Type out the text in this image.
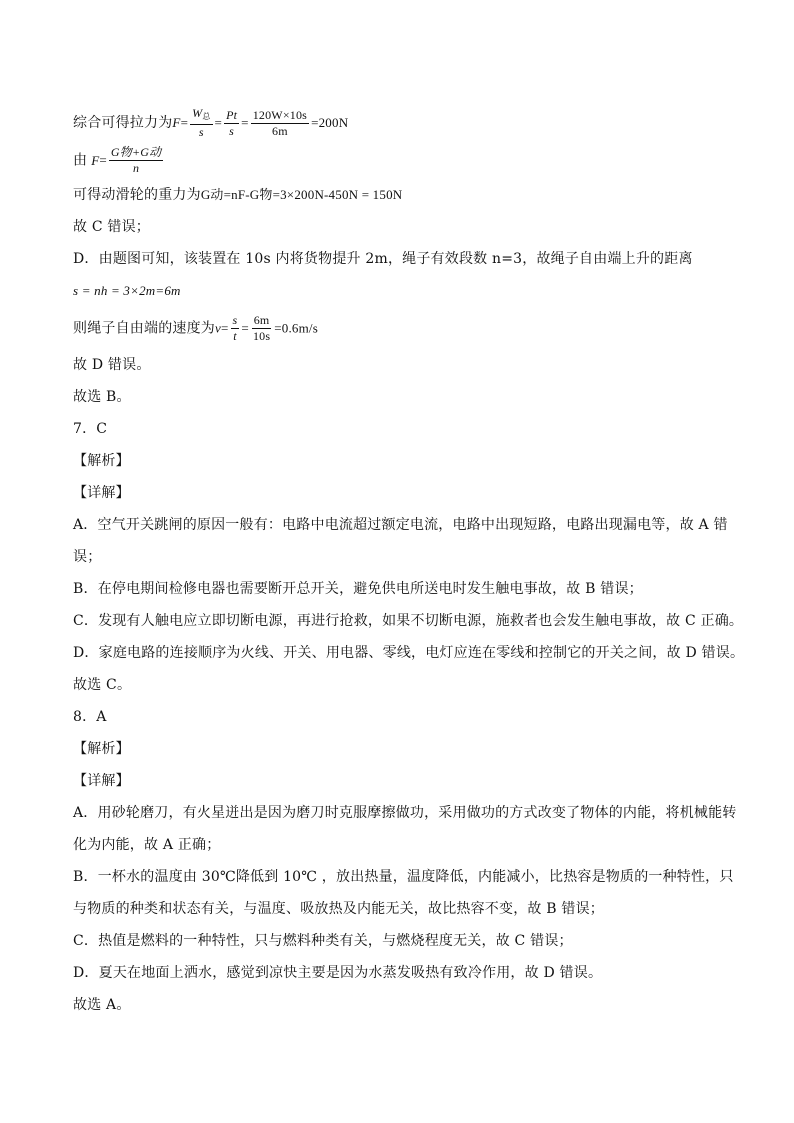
综合可得拉力为$F= \frac{W_总}{s} = \frac{Pt}{s} = \frac{120W\times 10s}{6m} =200N$
由 $F= \frac{\text{G物+G动}}{n}$
可得动滑轮的重力为G动=nF-G物=3×200N-450N = 150N
故 C 错误；
D．由题图可知，该装置在 10s 内将货物提升 2m，绳子有效段数 n=3，故绳子自由端上升的距离
s = nh = 3×2m=6m
则绳子自由端的速度为$v= \frac{s}{t} = \frac{6m}{10s} =0.6m/s$
故 D 错误。
故选 B。
7．C
【解析】
【详解】
A．空气开关跳闸的原因一般有：电路中电流超过额定电流，电路中出现短路，电路出现漏电等，故 A 错
误；
B．在停电期间检修电器也需要断开总开关，避免供电所送电时发生触电事故，故 B 错误；
C．发现有人触电应立即切断电源，再进行抢救，如果不切断电源，施救者也会发生触电事故，故 C 正确。
D．家庭电路的连接顺序为火线、开关、用电器、零线，电灯应连在零线和控制它的开关之间，故 D 错误。
故选 C。
8．A
【解析】
【详解】
A．用砂轮磨刀，有火星迸出是因为磨刀时克服摩擦做功，采用做功的方式改变了物体的内能，将机械能转
化为内能，故 A 正确；
B．一杯水的温度由 30℃降低到 10℃ ，放出热量，温度降低，内能减小，比热容是物质的一种特性，只
与物质的种类和状态有关，与温度、吸放热及内能无关，故比热容不变，故 B 错误；
C．热值是燃料的一种特性，只与燃料种类有关，与燃烧程度无关，故 C 错误；
D．夏天在地面上洒水，感觉到凉快主要是因为水蒸发吸热有致冷作用，故 D 错误。
故选 A。
